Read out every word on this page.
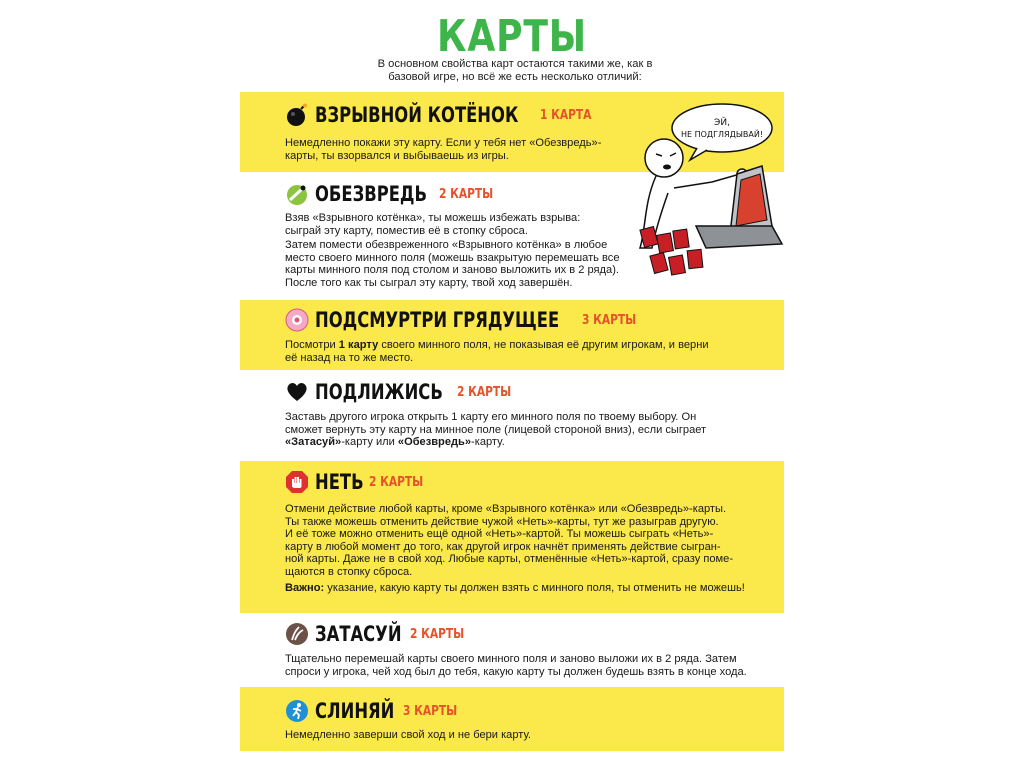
КАРТЫ
В основном свойства карт остаются такими же, как в базовой игре, но всё же есть несколько отличий:
ВЗРЫВНОЙ КОТЁНОК 1 КАРТА
Немедленно покажи эту карту. Если у тебя нет «Обезвредь»-
карты, ты взорвался и выбываешь из игры.
ОБЕЗВРЕДЬ 2 КАРТЫ

Взяв «Взрывного котёнка», ты можешь избежать взрыва:
сыграй эту карту, поместив её в стопку сброса.

Затем помести обезвреженного «Взрывного котёнка» в любое
место своего минного поля (можешь взакрытую перемешать все
карты минного поля под столом и заново выложить их в 2 ряда).
После того как ты сыграл эту карту, твой ход завершён.

ЭЙ,
НЕ ПОДГЛЯДЫВАЙ!
ПОДСМУРТРИ ГРЯДУЩЕЕ 3 КАРТЫ
Посмотри 1 карту своего минного поля, не показывая её другим игрокам, и верни
её назад на то же место.
ПОДЛИЖИСЬ 2 КАРТЫ
Заставь другого игрока открыть 1 карту его минного поля по твоему выбору. Он
сможет вернуть эту карту на минное поле (лицевой стороной вниз), если сыграет
«Затасуй»-карту или «Обезвредь»-карту.
НЕТЬ 2 КАРТЫ
Отмени действие любой карты, кроме «Взрывного котёнка» или «Обезвредь»-карты.
Ты также можешь отменить действие чужой «Неть»-карты, тут же разыграв другую.
И её тоже можно отменить ещё одной «Неть»-картой. Ты можешь сыграть «Неть»-
карту в любой момент до того, как другой игрок начнёт применять действие сыгран-
ной карты. Даже не в свой ход. Любые карты, отменённые «Неть»-картой, сразу поме-
щаются в стопку сброса.
Важно: указание, какую карту ты должен взять с минного поля, ты отменить не можешь!
ЗАТАСУЙ 2 КАРТЫ
Тщательно перемешай карты своего минного поля и заново выложи их в 2 ряда. Затем
спроси у игрока, чей ход был до тебя, какую карту ты должен будешь взять в конце хода.
СЛИНЯЙ 3 КАРТЫ
Немедленно заверши свой ход и не бери карту.
